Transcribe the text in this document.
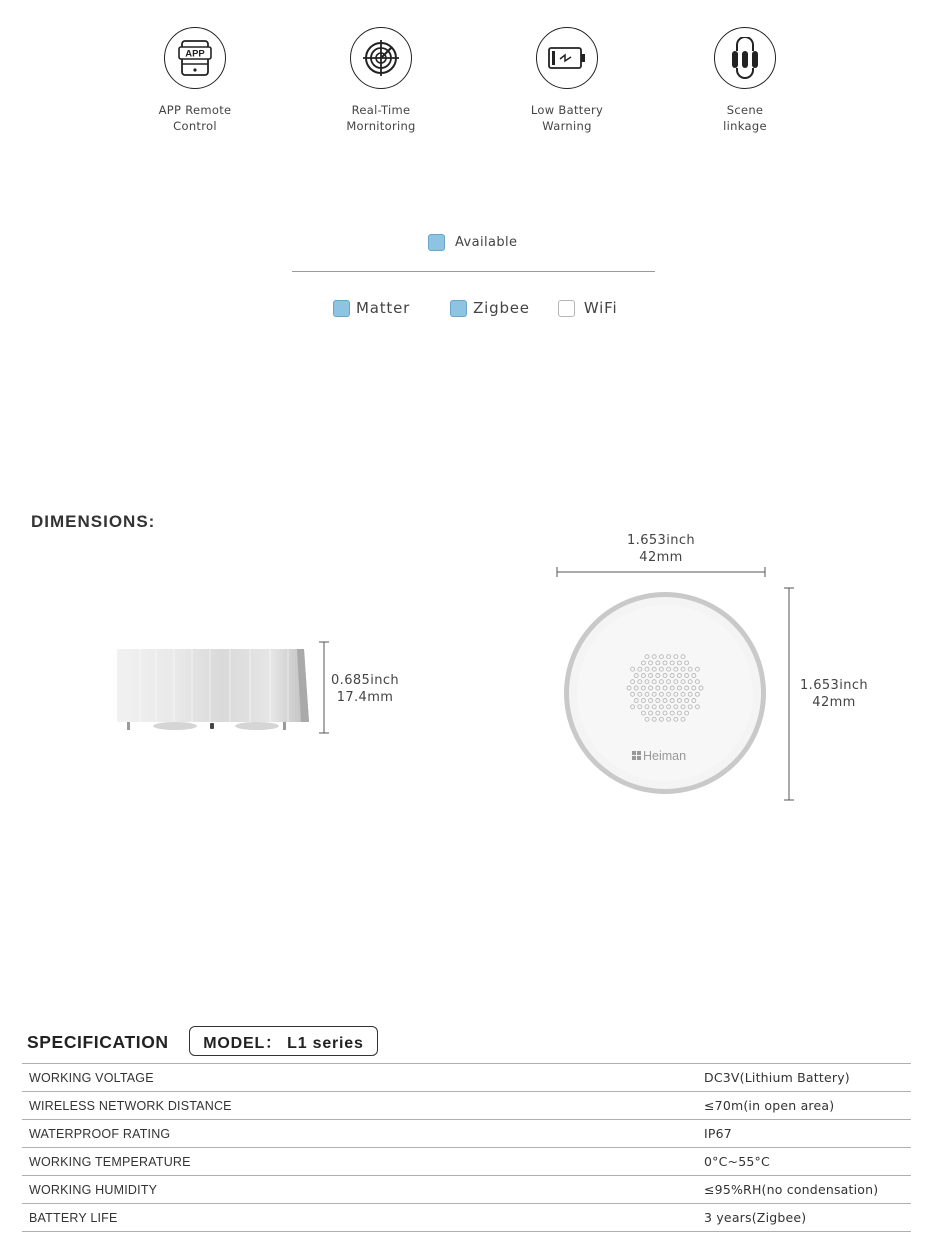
APP
APP Remote
Control
Real-Time
Mornitoring
Low Battery
Warning
Scene
linkage
Available
Matter	Zigbee	WiFi
DIMENSIONS:
0.685inch
17.4mm
1.653inch
42mm
Heiman
1.653inch
42mm
SPECIFICATION	MODEL： L1 series
WORKING VOLTAGE	DC3V(Lithium Battery)
WIRELESS NETWORK DISTANCE	≤70m(in open area)
WATERPROOF RATING	IP67
WORKING TEMPERATURE	0°C~55°C
WORKING HUMIDITY	≤95%RH(no condensation)
BATTERY LIFE	3 years(Zigbee)
